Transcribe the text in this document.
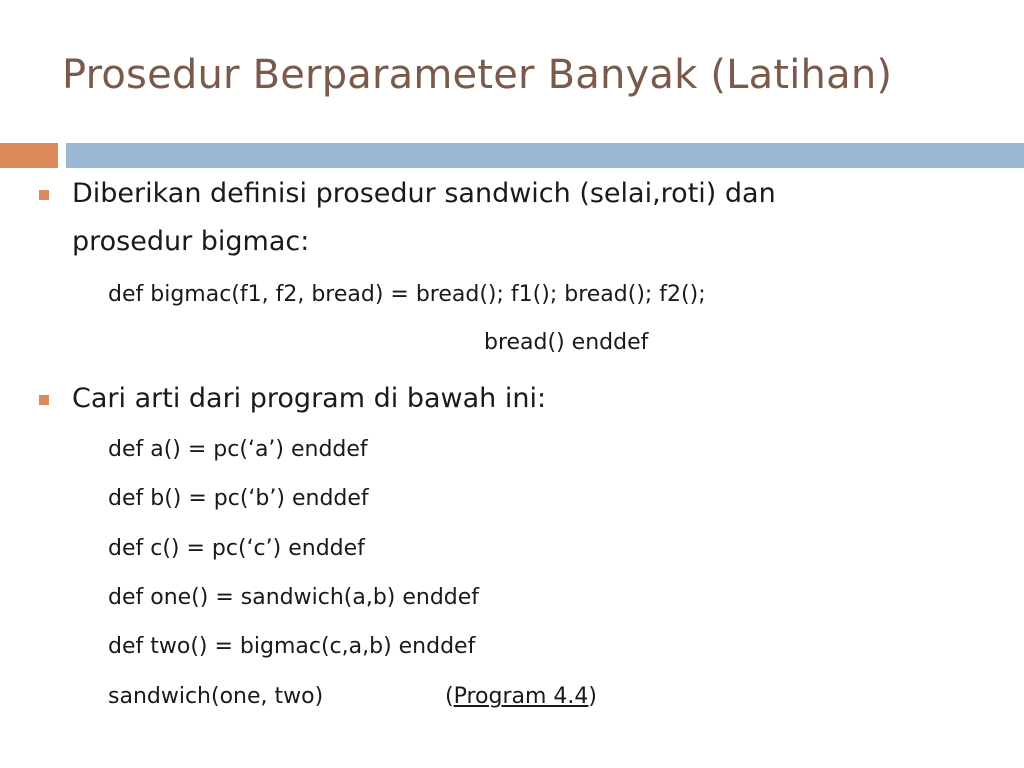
Prosedur Berparameter Banyak (Latihan)
Diberikan definisi prosedur sandwich (selai,roti) dan
prosedur bigmac:
def bigmac(f1, f2, bread) = bread(); f1(); bread(); f2();
bread() enddef
Cari arti dari program di bawah ini:
def a() = pc(‘a’) enddef
def b() = pc(‘b’) enddef
def c() = pc(‘c’) enddef
def one() = sandwich(a,b) enddef
def two() = bigmac(c,a,b) enddef
sandwich(one, two)	(Program 4.4)
